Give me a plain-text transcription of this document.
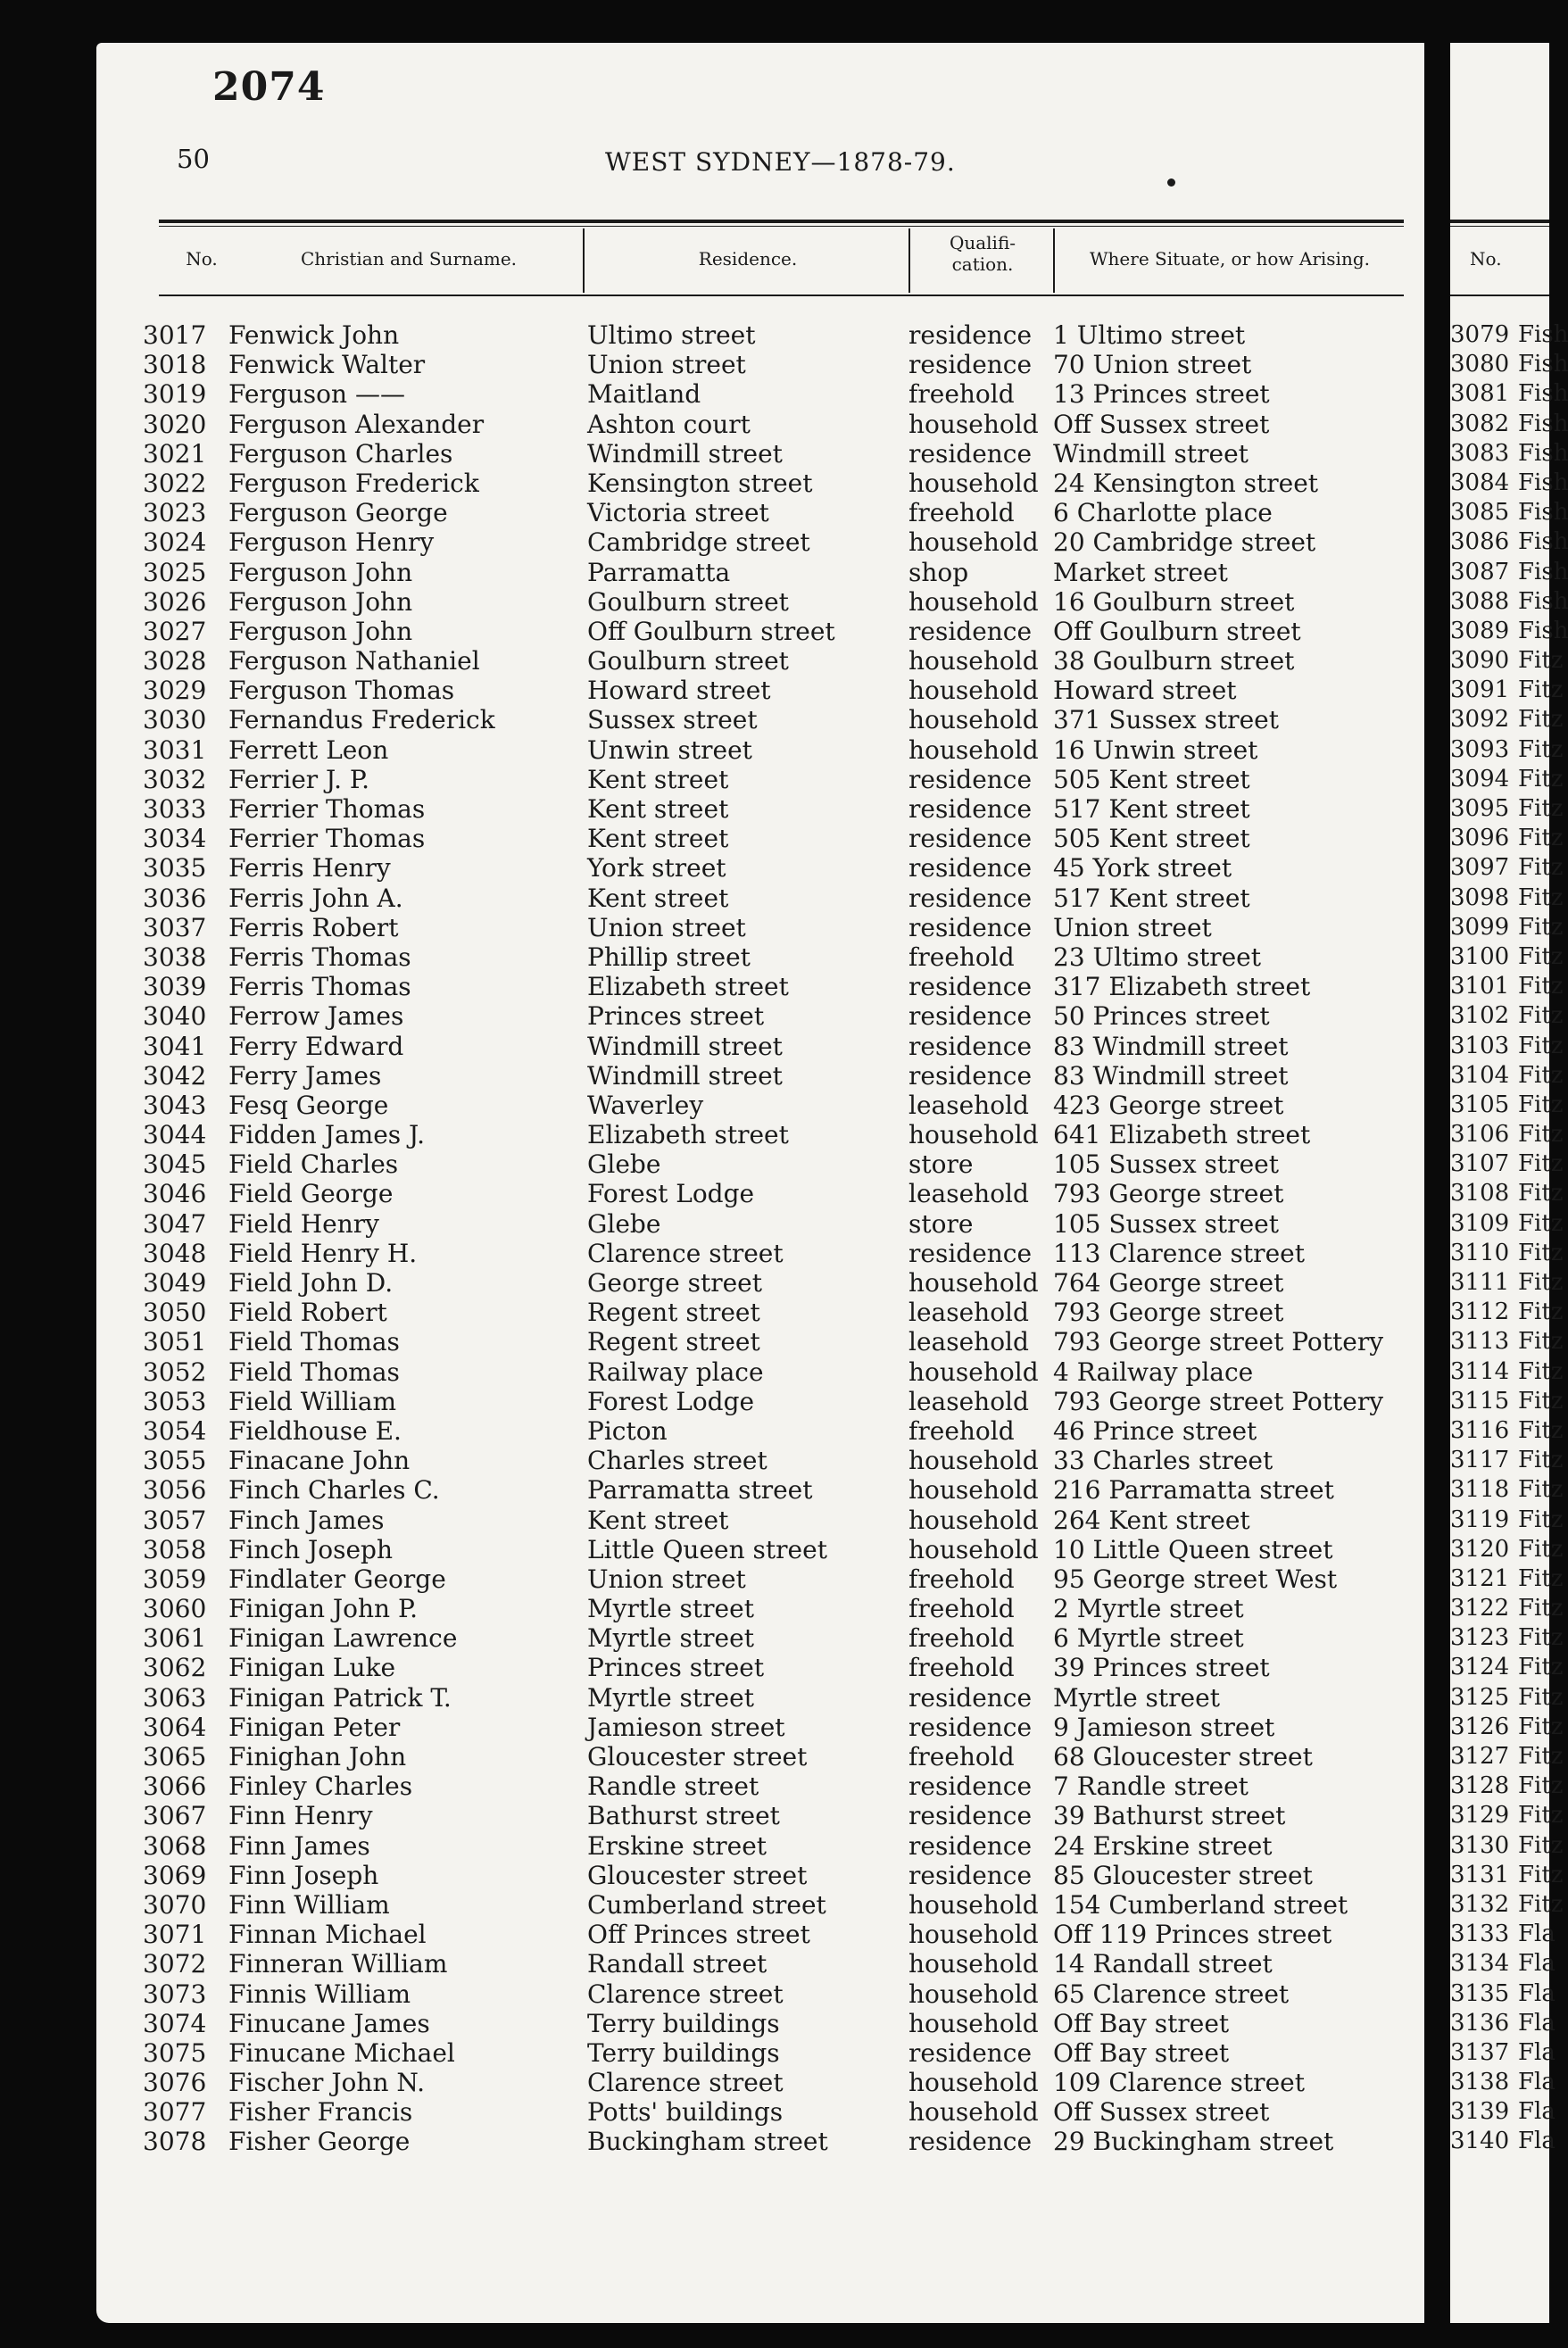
2074
50	WEST SYDNEY—1878-79.
No.	Christian and Surname.	Residence.
Qualifi-
cation.	Where Situate, or how Arising.
3017 Fenwick John	Ultimo street	residence 1 Ultimo street
3018 Fenwick Walter	Union street	residence 70 Union street
3019 Ferguson ——	Maitland	freehold 13 Princes street
3020 Ferguson Alexander	Ashton court	household Off Sussex street
3021 Ferguson Charles	Windmill street	residence Windmill street
3022 Ferguson Frederick	Kensington street	household 24 Kensington street
3023 Ferguson George	Victoria street	freehold 6 Charlotte place
3024 Ferguson Henry	Cambridge street	household 20 Cambridge street
3025 Ferguson John	Parramatta	shop	Market street
3026 Ferguson John	Goulburn street	household 16 Goulburn street
3027 Ferguson John	Off Goulburn street	residence Off Goulburn street
3028 Ferguson Nathaniel	Goulburn street	household 38 Goulburn street
3029 Ferguson Thomas	Howard street	household Howard street
3030 Fernandus Frederick	Sussex street	household 371 Sussex street
3031 Ferrett Leon	Unwin street	household 16 Unwin street
3032 Ferrier J. P.	Kent street	residence 505 Kent street
3033 Ferrier Thomas	Kent street	residence 517 Kent street
3034 Ferrier Thomas	Kent street	residence 505 Kent street
3035 Ferris Henry	York street	residence 45 York street
3036 Ferris John A.	Kent street	residence 517 Kent street
3037 Ferris Robert	Union street	residence Union street
3038 Ferris Thomas	Phillip street	freehold 23 Ultimo street
3039 Ferris Thomas	Elizabeth street	residence 317 Elizabeth street
3040 Ferrow James	Princes street	residence 50 Princes street
3041 Ferry Edward	Windmill street	residence 83 Windmill street
3042 Ferry James	Windmill street	residence 83 Windmill street
3043 Fesq George	Waverley	leasehold 423 George street
3044 Fidden James J.	Elizabeth street	household 641 Elizabeth street
3045 Field Charles	Glebe	store	105 Sussex street
3046 Field George	Forest Lodge	leasehold 793 George street
3047 Field Henry	Glebe	store	105 Sussex street
3048 Field Henry H.	Clarence street	residence 113 Clarence street
3049 Field John D.	George street	household 764 George street
3050 Field Robert	Regent street	leasehold 793 George street
3051 Field Thomas	Regent street	leasehold 793 George street Pottery
3052 Field Thomas	Railway place	household 4 Railway place
3053 Field William	Forest Lodge	leasehold 793 George street Pottery
3054 Fieldhouse E.	Picton	freehold 46 Prince street
3055 Finacane John	Charles street	household 33 Charles street
3056 Finch Charles C.	Parramatta street	household 216 Parramatta street
3057 Finch James	Kent street	household 264 Kent street
3058 Finch Joseph	Little Queen street	household 10 Little Queen street
3059 Findlater George	Union street	freehold 95 George street West
3060 Finigan John P.	Myrtle street	freehold 2 Myrtle street
3061 Finigan Lawrence	Myrtle street	freehold 6 Myrtle street
3062 Finigan Luke	Princes street	freehold 39 Princes street
3063 Finigan Patrick T.	Myrtle street	residence Myrtle street
3064 Finigan Peter	Jamieson street	residence 9 Jamieson street
3065 Finighan John	Gloucester street	freehold 68 Gloucester street
3066 Finley Charles	Randle street	residence 7 Randle street
3067 Finn Henry	Bathurst street	residence 39 Bathurst street
3068 Finn James	Erskine street	residence 24 Erskine street
3069 Finn Joseph	Gloucester street	residence 85 Gloucester street
3070 Finn William	Cumberland street	household 154 Cumberland street
3071 Finnan Michael	Off Princes street	household Off 119 Princes street
3072 Finneran William	Randall street	household 14 Randall street
3073 Finnis William	Clarence street	household 65 Clarence street
3074 Finucane James	Terry buildings	household Off Bay street
3075 Finucane Michael	Terry buildings	residence Off Bay street
3076 Fischer John N.	Clarence street	household 109 Clarence street
3077 Fisher Francis	Potts' buildings	household Off Sussex street
3078 Fisher George	Buckingham street	residence 29 Buckingham street
No.
3079 Fish
3080 Fish
3081 Fish
3082 Fish
3083 Fish
3084 Fish
3085 Fish
3086 Fish
3087 Fish
3088 Fish
3089 Fish
3090 Fitz
3091 Fitz
3092 Fitz
3093 Fitz
3094 Fitz
3095 Fitz
3096 Fitz
3097 Fitz
3098 Fitz
3099 Fitz
3100 Fitz
3101 Fitz
3102 Fitz
3103 Fitz
3104 Fitz
3105 Fitz
3106 Fitz
3107 Fitz
3108 Fitz
3109 Fitz
3110 Fitz
3111 Fitz
3112 Fitz
3113 Fitz
3114 Fitz
3115 Fitz
3116 Fitz
3117 Fitz
3118 Fitz
3119 Fitz
3120 Fitz
3121 Fitz
3122 Fitz
3123 Fitz
3124 Fitz
3125 Fitz
3126 Fitz
3127 Fitz
3128 Fitz
3129 Fitz
3130 Fitz
3131 Fitz
3132 Fitz
3133 Fla
3134 Fla
3135 Fla
3136 Fla
3137 Fla
3138 Fla
3139 Fla
3140 Fla
